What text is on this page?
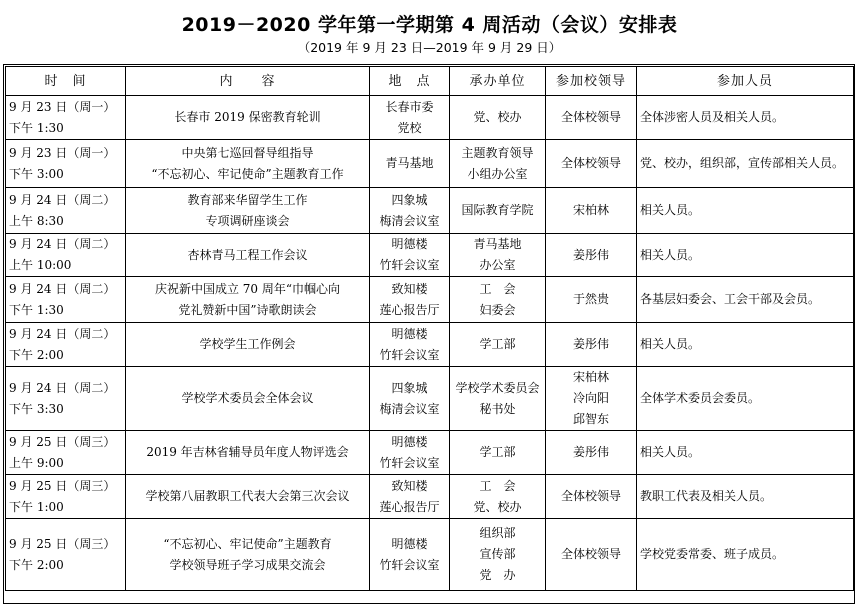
2019－2020 学年第一学期第 4 周活动（会议）安排表
（2019 年 9 月 23 日—2019 年 9 月 29 日）
时　间	内　　容	地　点	承办单位	参加校领导	参加人员

9 月 23 日（周一）
下午 1:30	长春市 2019 保密教育轮训	长春市委
党校	党、校办	全体校领导	全体涉密人员及相关人员。

9 月 23 日（周一）
下午 3:00	中央第七巡回督导组指导
“不忘初心、牢记使命”主题教育工作	青马基地	主题教育领导
小组办公室	全体校领导	党、校办，组织部，宣传部相关人员。

9 月 24 日（周二）
上午 8:30	教育部来华留学生工作
专项调研座谈会	四象城
梅清会议室	国际教育学院	宋柏林	相关人员。

9 月 24 日（周二）
上午 10:00	杏林青马工程工作会议	明德楼
竹轩会议室	青马基地
办公室	姜彤伟	相关人员。

9 月 24 日（周二）
下午 1:30	庆祝新中国成立 70 周年“巾帼心向
党礼赞新中国”诗歌朗读会	致知楼
莲心报告厅	工　会
妇委会	于然贵	各基层妇委会、工会干部及会员。

9 月 24 日（周二）
下午 2:00	学校学生工作例会	明德楼
竹轩会议室	学工部	姜彤伟	相关人员。

9 月 24 日（周二）
下午 3:30	学校学术委员会全体会议	四象城
梅清会议室	学校学术委员会
秘书处	宋柏林
冷向阳
邱智东	全体学术委员会委员。

9 月 25 日（周三）
上午 9:00	2019 年吉林省辅导员年度人物评选会	明德楼
竹轩会议室	学工部	姜彤伟	相关人员。

9 月 25 日（周三）
下午 1:00	学校第八届教职工代表大会第三次会议	致知楼
莲心报告厅	工　会
党、校办	全体校领导	教职工代表及相关人员。

9 月 25 日（周三）
下午 2:00	“不忘初心、牢记使命”主题教育
学校领导班子学习成果交流会	明德楼
竹轩会议室	组织部
宣传部
党　办	全体校领导	学校党委常委、班子成员。
